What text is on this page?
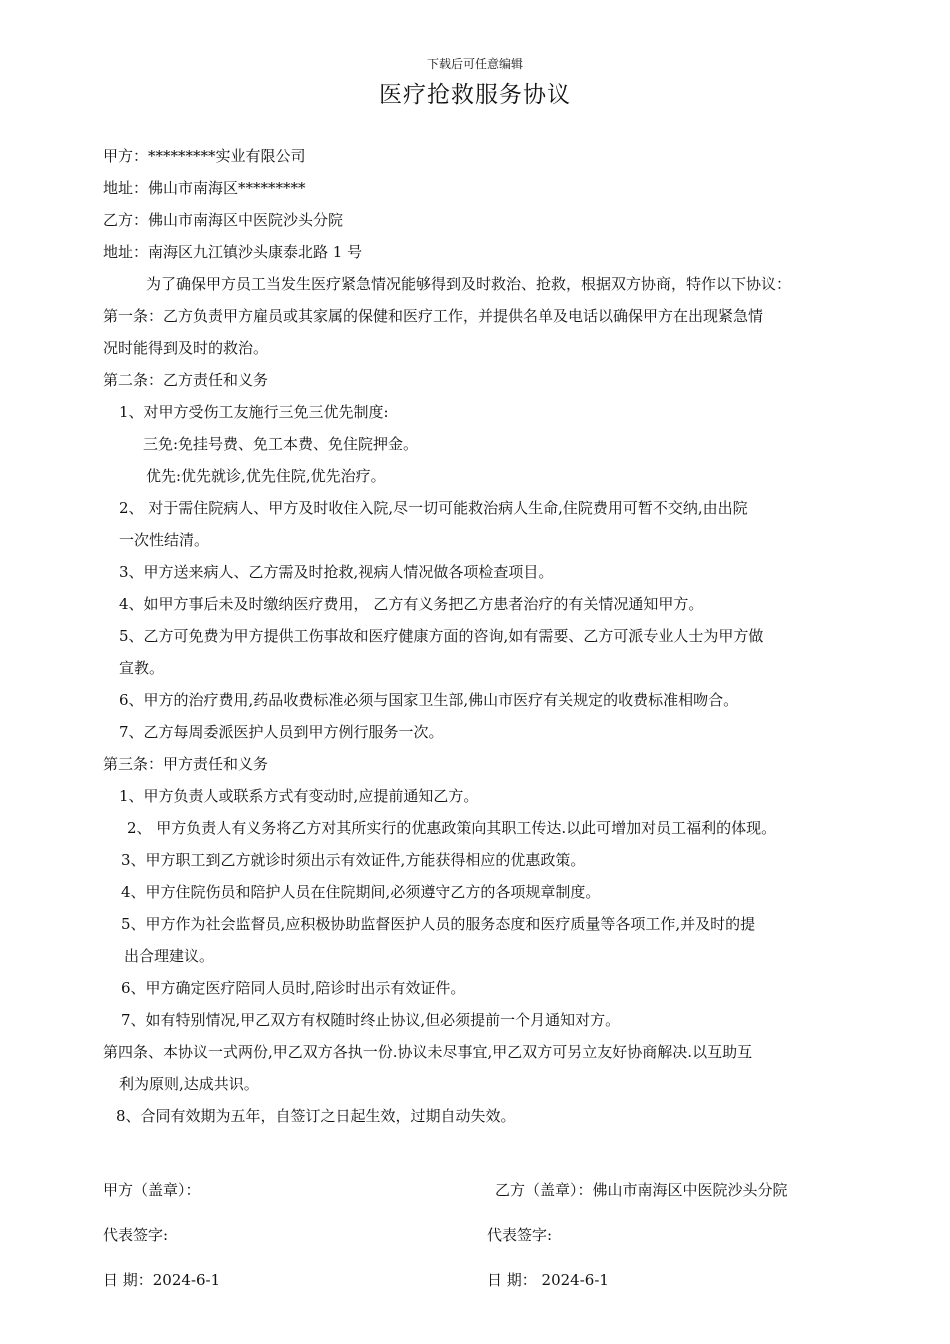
下载后可任意编辑
医疗抢救服务协议
甲方：*********实业有限公司
地址：佛山市南海区*********
乙方：佛山市南海区中医院沙头分院
地址：南海区九江镇沙头康泰北路 1 号
为了确保甲方员工当发生医疗紧急情况能够得到及时救治、抢救，根据双方协商，特作以下协议：
第一条：乙方负责甲方雇员或其家属的保健和医疗工作，并提供名单及电话以确保甲方在出现紧急情
况时能得到及时的救治。
第二条：乙方责任和义务
1、对甲方受伤工友施行三免三优先制度:
三免:免挂号费、免工本费、免住院押金。
优先:优先就诊,优先住院,优先治疗。
2、 对于需住院病人、甲方及时收住入院,尽一切可能救治病人生命,住院费用可暂不交纳,由出院
一次性结清。
3、甲方送来病人、乙方需及时抢救,视病人情况做各项检查项目。
4、如甲方事后未及时缴纳医疗费用， 乙方有义务把乙方患者治疗的有关情况通知甲方。
5、乙方可免费为甲方提供工伤事故和医疗健康方面的咨询,如有需要、乙方可派专业人士为甲方做
宣教。
6、甲方的治疗费用,药品收费标准必须与国家卫生部,佛山市医疗有关规定的收费标准相吻合。
7、乙方每周委派医护人员到甲方例行服务一次。
第三条：甲方责任和义务
1、甲方负责人或联系方式有变动时,应提前通知乙方。
2、 甲方负责人有义务将乙方对其所实行的优惠政策向其职工传达.以此可增加对员工福利的体现。
3、甲方职工到乙方就诊时须出示有效证件,方能获得相应的优惠政策。
4、甲方住院伤员和陪护人员在住院期间,必须遵守乙方的各项规章制度。
5、甲方作为社会监督员,应积极协助监督医护人员的服务态度和医疗质量等各项工作,并及时的提
出合理建议。
6、甲方确定医疗陪同人员时,陪诊时出示有效证件。
7、如有特别情况,甲乙双方有权随时终止协议,但必须提前一个月通知对方。
第四条、本协议一式两份,甲乙双方各执一份.协议未尽事宜,甲乙双方可另立友好协商解决.以互助互
利为原则,达成共识。
8、合同有效期为五年，自签订之日起生效，过期自动失效。
甲方（盖章）：	乙方（盖章）：佛山市南海区中医院沙头分院
代表签字:	代表签字:
日 期：2024-6-1	日 期： 2024-6-1
